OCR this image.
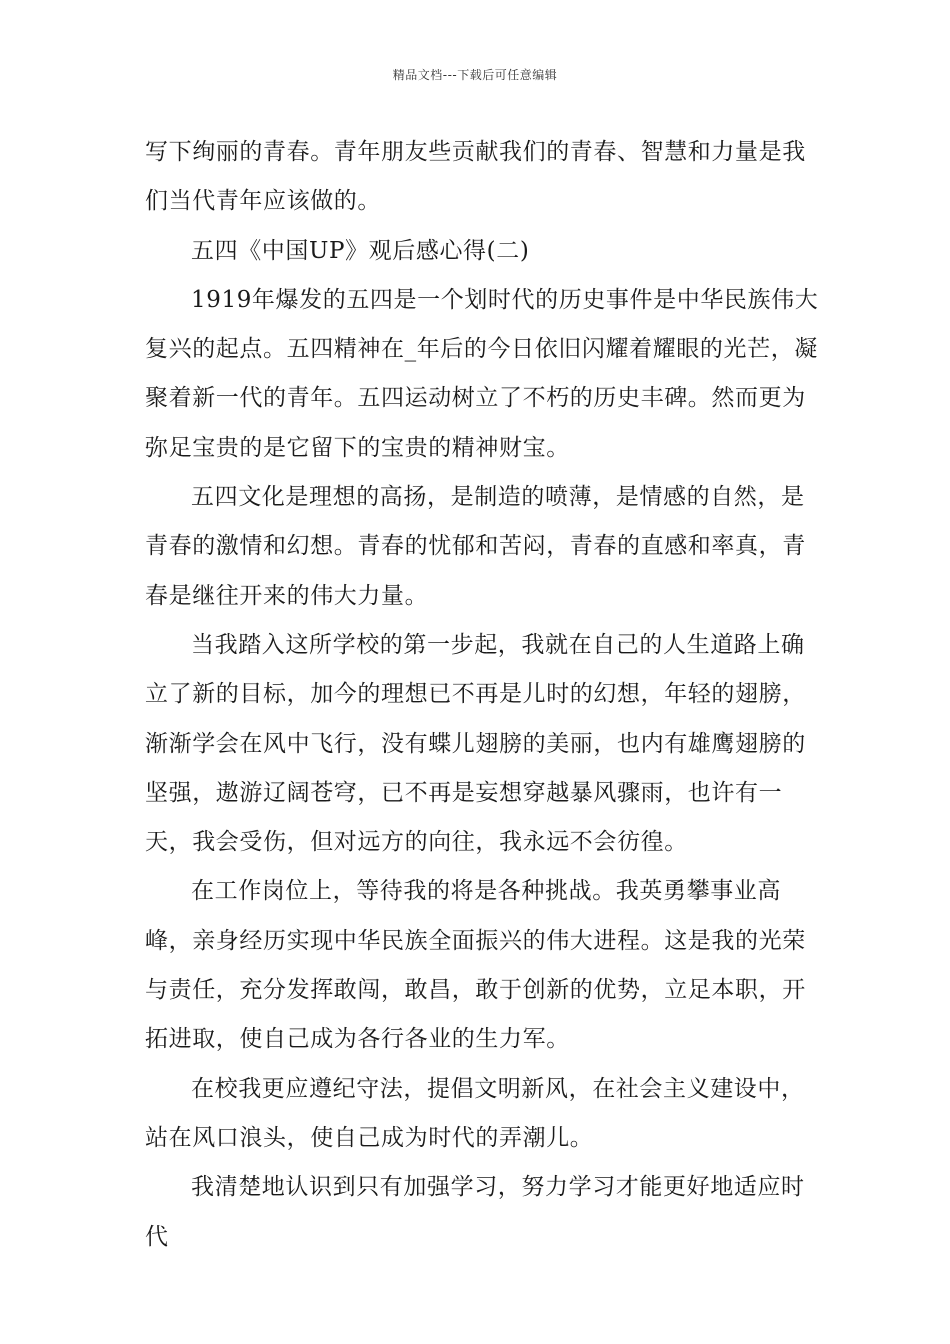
精品文档---下载后可任意编辑

写下绚丽的青春。青年朋友些贡献我们的青春、智慧和力量是我们当代青年应该做的。

五四《中国UP》观后感心得(二)

1919年爆发的五四是一个划时代的历史事件是中华民族伟大复兴的起点。五四精神在_年后的今日依旧闪耀着耀眼的光芒，凝聚着新一代的青年。五四运动树立了不朽的历史丰碑。然而更为弥足宝贵的是它留下的宝贵的精神财宝。

五四文化是理想的高扬，是制造的喷薄，是情感的自然，是青春的激情和幻想。青春的忧郁和苦闷，青春的直感和率真，青春是继往开来的伟大力量。

当我踏入这所学校的第一步起，我就在自己的人生道路上确立了新的目标，加今的理想已不再是儿时的幻想，年轻的翅膀，渐渐学会在风中飞行，没有蝶儿翅膀的美丽，也内有雄鹰翅膀的坚强，遨游辽阔苍穹，已不再是妄想穿越暴风骤雨，也许有一天，我会受伤，但对远方的向往，我永远不会彷徨。

在工作岗位上，等待我的将是各种挑战。我英勇攀事业高峰，亲身经历实现中华民族全面振兴的伟大进程。这是我的光荣与责任，充分发挥敢闯，敢昌，敢于创新的优势，立足本职，开拓进取，使自己成为各行各业的生力军。

在校我更应遵纪守法，提倡文明新风，在社会主义建设中，站在风口浪头，使自己成为时代的弄潮儿。

我清楚地认识到只有加强学习，努力学习才能更好地适应时代
